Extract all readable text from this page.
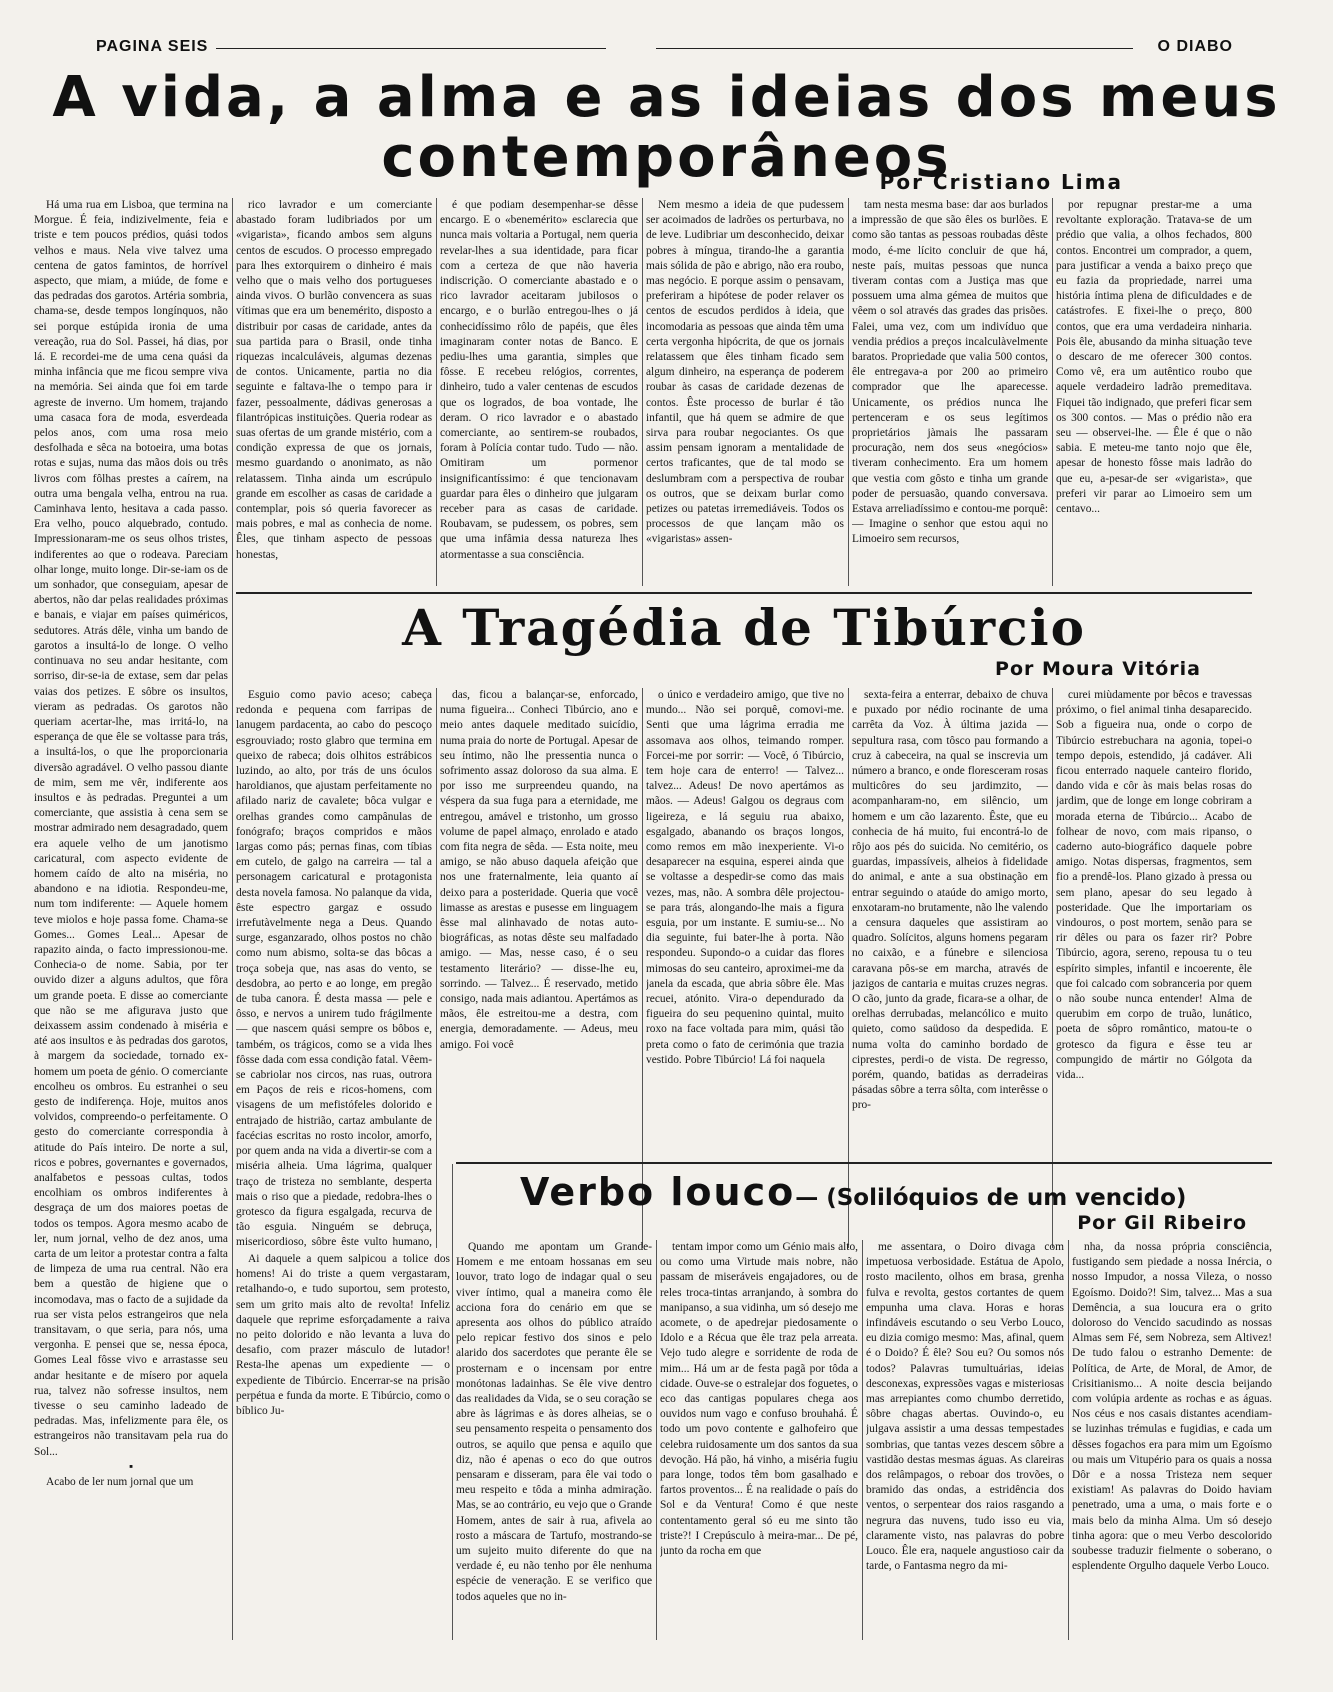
PAGINA SEIS	O DIABO
A vida, a alma e as ideias dos meus contemporâneos
Por Cristiano Lima

Há uma rua em Lisboa, que termina na Morgue. É feia, indizivelmente, feia e triste e tem poucos prédios, quási todos velhos e maus. Nela vive talvez uma centena de gatos famintos, de horrível aspecto, que miam, a miúde, de fome e das pedradas dos garotos. Artéria sombria, chama-se, desde tempos longínquos, não sei porque estúpida ironia de uma vereação, rua do Sol. Passei, há dias, por lá. E recordei-me de uma cena quási da minha infância que me ficou sempre viva na memória. Sei ainda que foi em tarde agreste de inverno. Um homem, trajando uma casaca fora de moda, esverdeada pelos anos, com uma rosa meio desfolhada e sêca na botoeira, uma botas rotas e sujas, numa das mãos dois ou três livros com fôlhas prestes a caírem, na outra uma bengala velha, entrou na rua. Caminhava lento, hesitava a cada passo. Era velho, pouco alquebrado, contudo. Impressionaram-me os seus olhos tristes, indiferentes ao que o rodeava. Pareciam olhar longe, muito longe. Dir-se-iam os de um sonhador, que conseguiam, apesar de abertos, não dar pelas realidades próximas e banais, e viajar em países quiméricos, sedutores. Atrás dêle, vinha um bando de garotos a insultá-lo de longe. O velho continuava no seu andar hesitante, com sorriso, dir-se-ia de extase, sem dar pelas vaias dos petizes. E sôbre os insultos, vieram as pedradas. Os garotos não queriam acertar-lhe, mas irritá-lo, na esperança de que êle se voltasse para trás, a insultá-los, o que lhe proporcionaria diversão agradável. O velho passou diante de mim, sem me vêr, indiferente aos insultos e às pedradas. Preguntei a um comerciante, que assistia à cena sem se mostrar admirado nem desagradado, quem era aquele velho de um janotismo caricatural, com aspecto evidente de homem caído de alto na miséria, no abandono e na idiotia. Respondeu-me, num tom indiferente: — Aquele homem teve miolos e hoje passa fome. Chama-se Gomes... Gomes Leal... Apesar de rapazito ainda, o facto impressionou-me. Conhecia-o de nome. Sabia, por ter ouvido dizer a alguns adultos, que fôra um grande poeta. E disse ao comerciante que não se me afigurava justo que deixassem assim condenado à miséria e até aos insultos e às pedradas dos garotos, à margem da sociedade, tornado ex-homem um poeta de génio. O comerciante encolheu os ombros. Eu estranhei o seu gesto de indiferença. Hoje, muitos anos volvidos, compreendo-o perfeitamente. O gesto do comerciante correspondia à atitude do País inteiro. De norte a sul, ricos e pobres, governantes e governados, analfabetos e pessoas cultas, todos encolhiam os ombros indiferentes à desgraça de um dos maiores poetas de todos os tempos. Agora mesmo acabo de ler, num jornal, velho de dez anos, uma carta de um leitor a protestar contra a falta de limpeza de uma rua central. Não era bem a questão de higiene que o incomodava, mas o facto de a sujidade da rua ser vista pelos estrangeiros que nela transitavam, o que seria, para nós, uma vergonha. E pensei que se, nessa época, Gomes Leal fôsse vivo e arrastasse seu andar hesitante e de mísero por aquela rua, talvez não sofresse insultos, nem tivesse o seu caminho ladeado de pedradas. Mas, infelizmente para êle, os estrangeiros não transitavam pela rua do Sol...

▪

Acabo de ler num jornal que um

rico lavrador e um comerciante abastado foram ludibriados por um «vigarista», ficando ambos sem alguns centos de escudos. O processo empregado para lhes extorquirem o dinheiro é mais velho que o mais velho dos portugueses ainda vivos. O burlão convencera as suas vítimas que era um benemérito, disposto a distribuir por casas de caridade, antes da sua partida para o Brasil, onde tinha riquezas incalculáveis, algumas dezenas de contos. Unicamente, partia no dia seguinte e faltava-lhe o tempo para ir fazer, pessoalmente, dádivas generosas a filantrópicas instituições. Queria rodear as suas ofertas de um grande mistério, com a condição expressa de que os jornais, mesmo guardando o anonimato, as não relatassem. Tinha ainda um escrúpulo grande em escolher as casas de caridade a contemplar, pois só queria favorecer as mais pobres, e mal as conhecia de nome. Êles, que tinham aspecto de pessoas honestas,

é que podiam desempenhar-se dêsse encargo. E o «benemérito» esclarecia que nunca mais voltaria a Portugal, nem queria revelar-lhes a sua identidade, para ficar com a certeza de que não haveria indiscrição. O comerciante abastado e o rico lavrador aceitaram jubilosos o encargo, e o burlão entregou-lhes o já conhecidíssimo rôlo de papéis, que êles imaginaram conter notas de Banco. E pediu-lhes uma garantia, simples que fôsse. E recebeu relógios, correntes, dinheiro, tudo a valer centenas de escudos que os logrados, de boa vontade, lhe deram. O rico lavrador e o abastado comerciante, ao sentirem-se roubados, foram à Polícia contar tudo. Tudo — não. Omitiram um pormenor insignificantíssimo: é que tencionavam guardar para êles o dinheiro que julgaram receber para as casas de caridade. Roubavam, se pudessem, os pobres, sem que uma infâmia dessa natureza lhes atormentasse a sua consciência.

Nem mesmo a ideia de que pudessem ser acoimados de ladrões os perturbava, no de leve. Ludibriar um desconhecido, deixar pobres à míngua, tirando-lhe a garantia mais sólida de pão e abrigo, não era roubo, mas negócio. E porque assim o pensavam, preferiram a hipótese de poder relaver os centos de escudos perdidos à ideia, que incomodaria as pessoas que ainda têm uma certa vergonha hipócrita, de que os jornais relatassem que êles tinham ficado sem algum dinheiro, na esperança de poderem roubar às casas de caridade dezenas de contos. Êste processo de burlar é tão infantil, que há quem se admire de que sirva para roubar negociantes. Os que assim pensam ignoram a mentalidade de certos traficantes, que de tal modo se deslumbram com a perspectiva de roubar os outros, que se deixam burlar como petizes ou patetas irremediáveis. Todos os processos de que lançam mão os «vigaristas» assen-

tam nesta mesma base: dar aos burlados a impressão de que são êles os burlões. E como são tantas as pessoas roubadas dêste modo, é-me lícito concluir de que há, neste país, muitas pessoas que nunca tiveram contas com a Justiça mas que possuem uma alma gémea de muitos que vêem o sol através das grades das prisões. Falei, uma vez, com um indivíduo que vendia prédios a preços incalculàvelmente baratos. Propriedade que valia 500 contos, êle entregava-a por 200 ao primeiro comprador que lhe aparecesse. Unicamente, os prédios nunca lhe pertenceram e os seus legítimos proprietários jàmais lhe passaram procuração, nem dos seus «negócios» tiveram conhecimento. Era um homem que vestia com gôsto e tinha um grande poder de persuasão, quando conversava. Estava arreliadíssimo e contou-me porquê: — Imagine o senhor que estou aqui no Limoeiro sem recursos,

por repugnar prestar-me a uma revoltante exploração. Tratava-se de um prédio que valia, a olhos fechados, 800 contos. Encontrei um comprador, a quem, para justificar a venda a baixo preço que eu fazia da propriedade, narrei uma história íntima plena de dificuldades e de catástrofes. E fixei-lhe o preço, 800 contos, que era uma verdadeira ninharia. Pois êle, abusando da minha situação teve o descaro de me oferecer 300 contos. Como vê, era um autêntico roubo que aquele verdadeiro ladrão premeditava. Fiquei tão indignado, que preferi ficar sem os 300 contos. — Mas o prédio não era seu — observei-lhe. — Êle é que o não sabia. E meteu-me tanto nojo que êle, apesar de honesto fôsse mais ladrão do que eu, a-pesar-de ser «vigarista», que preferi vir parar ao Limoeiro sem um centavo...

A Tragédia de Tibúrcio
Por Moura Vitória

Esguio como pavio aceso; cabeça redonda e pequena com farripas de lanugem pardacenta, ao cabo do pescoço esgrouviado; rosto glabro que termina em queixo de rabeca; dois olhitos estrábicos luzindo, ao alto, por trás de uns óculos haroldianos, que ajustam perfeitamente no afilado nariz de cavalete; bôca vulgar e orelhas grandes como campânulas de fonógrafo; braços compridos e mãos largas como pás; pernas finas, com tíbias em cutelo, de galgo na carreira — tal a personagem caricatural e protagonista desta novela famosa. No palanque da vida, êste espectro gargaz e ossudo irrefutàvelmente nega a Deus. Quando surge, esganzarado, olhos postos no chão como num abismo, solta-se das bôcas a troça sobeja que, nas asas do vento, se desdobra, ao perto e ao longe, em pregão de tuba canora. É desta massa — pele e ôsso, e nervos a unirem tudo frágilmente — que nascem quási sempre os bôbos e, também, os trágicos, como se a vida lhes fôsse dada com essa condição fatal. Vêem-se cabriolar nos circos, nas ruas, outrora em Paços de reis e ricos-homens, com visagens de um mefistófeles dolorido e entrajado de histrião, cartaz ambulante de facécias escritas no rosto incolor, amorfo, por quem anda na vida a divertir-se com a miséria alheia. Uma lágrima, qualquer traço de tristeza no semblante, desperta mais o riso que a piedade, redobra-lhes o grotesco da figura esgalgada, recurva de tão esguia. Ninguém se debruça, misericordioso, sôbre êste vulto humano,

das, ficou a balançar-se, enforcado, numa figueira... Conheci Tibúrcio, ano e meio antes daquele meditado suicídio, numa praia do norte de Portugal. Apesar de seu íntimo, não lhe pressentia nunca o sofrimento assaz doloroso da sua alma. E por isso me surpreendeu quando, na véspera da sua fuga para a eternidade, me entregou, amável e tristonho, um grosso volume de papel almaço, enrolado e atado com fita negra de sêda. — Esta noite, meu amigo, se não abuso daquela afeição que nos une fraternalmente, leia quanto aí deixo para a posteridade. Queria que você limasse as arestas e pusesse em linguagem êsse mal alinhavado de notas auto-biográficas, as notas dêste seu malfadado amigo. — Mas, nesse caso, é o seu testamento literário? — disse-lhe eu, sorrindo. — Talvez... É reservado, metido consigo, nada mais adiantou. Apertámos as mãos, êle estreitou-me a destra, com energia, demoradamente. — Adeus, meu amigo. Foi você

o único e verdadeiro amigo, que tive no mundo... Não sei porquê, comovi-me. Senti que uma lágrima erradia me assomava aos olhos, teimando romper. Forcei-me por sorrir: — Você, ó Tibúrcio, tem hoje cara de enterro! — Talvez... talvez... Adeus! De novo apertámos as mãos. — Adeus! Galgou os degraus com ligeireza, e lá seguiu rua abaixo, esgalgado, abanando os braços longos, como remos em mão inexperiente. Vi-o desaparecer na esquina, esperei ainda que se voltasse a despedir-se como das mais vezes, mas, não. A sombra dêle projectou-se para trás, alongando-lhe mais a figura esguia, por um instante. E sumiu-se... No dia seguinte, fui bater-lhe à porta. Não respondeu. Supondo-o a cuidar das flores mimosas do seu canteiro, aproximei-me da janela da escada, que abria sôbre êle. Mas recuei, atónito. Vira-o dependurado da figueira do seu pequenino quintal, muito roxo na face voltada para mim, quási tão preta como o fato de cerimónia que trazia vestido. Pobre Tibúrcio! Lá foi naquela

sexta-feira a enterrar, debaixo de chuva e puxado por nédio rocinante de uma carrêta da Voz. À última jazida — sepultura rasa, com tôsco pau formando a cruz à cabeceira, na qual se inscrevia um número a branco, e onde floresceram rosas multicôres do seu jardimzito, — acompanharam-no, em silêncio, um homem e um cão lazarento. Êste, que eu conhecia de há muito, fui encontrá-lo de rôjo aos pés do suicida. No cemitério, os guardas, impassíveis, alheios à fidelidade do animal, e ante a sua obstinação em entrar seguindo o ataúde do amigo morto, enxotaram-no brutamente, não lhe valendo a censura daqueles que assistiram ao quadro. Solícitos, alguns homens pegaram no caixão, e a fúnebre e silenciosa caravana pôs-se em marcha, através de jazigos de cantaria e muitas cruzes negras. O cão, junto da grade, ficara-se a olhar, de orelhas derrubadas, melancólico e muito quieto, como saüdoso da despedida. E numa volta do caminho bordado de ciprestes, perdi-o de vista. De regresso, porém, quando, batidas as derradeiras pásadas sôbre a terra sôlta, com interêsse o pro-

curei miùdamente por bêcos e travessas próximo, o fiel animal tinha desaparecido. Sob a figueira nua, onde o corpo de Tibúrcio estrebuchara na agonia, topei-o tempo depois, estendido, já cadáver. Ali ficou enterrado naquele canteiro florido, dando vida e côr às mais belas rosas do jardim, que de longe em longe cobriram a morada eterna de Tibúrcio... Acabo de folhear de novo, com mais ripanso, o caderno auto-biográfico daquele pobre amigo. Notas dispersas, fragmentos, sem fio a prendê-los. Plano gizado à pressa ou sem plano, apesar do seu legado à posteridade. Que lhe importariam os vindouros, o post mortem, senão para se rir dêles ou para os fazer rir? Pobre Tibúrcio, agora, sereno, repousa tu o teu espírito simples, infantil e incoerente, êle que foi calcado com sobranceria por quem o não soube nunca entender! Alma de querubim em corpo de truão, lunático, poeta de sôpro romântico, matou-te o grotesco da figura e êsse teu ar compungido de mártir no Gólgota da vida...

Ai daquele a quem salpicou a tolice dos homens! Ai do triste a quem vergastaram, retalhando-o, e tudo suportou, sem protesto, sem um grito mais alto de revolta! Infeliz daquele que reprime esforçadamente a raiva no peito dolorido e não levanta a luva do desafio, com prazer másculo de lutador! Resta-lhe apenas um expediente — o expediente de Tibúrcio. Encerrar-se na prisão perpétua e funda da morte. E Tibúrcio, como o bíblico Ju-

Verbo louco— (Solilóquios de um vencido)
Por Gil Ribeiro

Quando me apontam um Grande-Homem e me entoam hossanas em seu louvor, trato logo de indagar qual o seu viver íntimo, qual a maneira como êle acciona fora do cenário em que se apresenta aos olhos do público atraído pelo repicar festivo dos sinos e pelo alarido dos sacerdotes que perante êle se prosternam e o incensam por entre monótonas ladainhas. Se êle vive dentro das realidades da Vida, se o seu coração se abre às lágrimas e às dores alheias, se o seu pensamento respeita o pensamento dos outros, se aquilo que pensa e aquilo que diz, não é apenas o eco do que outros pensaram e disseram, para êle vai todo o meu respeito e tôda a minha admiração. Mas, se ao contrário, eu vejo que o Grande Homem, antes de sair à rua, afivela ao rosto a máscara de Tartufo, mostrando-se um sujeito muito diferente do que na verdade é, eu não tenho por êle nenhuma espécie de veneração. E se verifico que todos aqueles que no in-

tentam impor como um Génio mais alto, ou como uma Virtude mais nobre, não passam de miseráveis engajadores, ou de reles troca-tintas arranjando, à sombra do manipanso, a sua vidinha, um só desejo me acomete, o de apedrejar piedosamente o Idolo e a Récua que êle traz pela arreata. Vejo tudo alegre e sorridente de roda de mim... Há um ar de festa pagã por tôda a cidade. Ouve-se o estralejar dos foguetes, o eco das cantigas populares chega aos ouvidos num vago e confuso brouhahá. É todo um povo contente e galhofeiro que celebra ruidosamente um dos santos da sua devoção. Há pão, há vinho, a miséria fugiu para longe, todos têm bom gasalhado e fartos proventos... É na realidade o país do Sol e da Ventura! Como é que neste contentamento geral só eu me sinto tão triste?! I Crepúsculo à meira-mar... De pé, junto da rocha em que

me assentara, o Doiro divaga com impetuosa verbosidade. Estátua de Apolo, rosto macilento, olhos em brasa, grenha fulva e revolta, gestos cortantes de quem empunha uma clava. Horas e horas infindáveis escutando o seu Verbo Louco, eu dizia comigo mesmo: Mas, afinal, quem é o Doido? É êle? Sou eu? Ou somos nós todos? Palavras tumultuárias, ideias desconexas, expressões vagas e misteriosas mas arrepiantes como chumbo derretido, sôbre chagas abertas. Ouvindo-o, eu julgava assistir a uma dessas tempestades sombrias, que tantas vezes descem sôbre a vastidão destas mesmas águas. As clareiras dos relâmpagos, o reboar dos trovões, o bramido das ondas, a estridência dos ventos, o serpentear dos raios rasgando a negrura das nuvens, tudo isso eu via, claramente visto, nas palavras do pobre Louco. Êle era, naquele angustioso cair da tarde, o Fantasma negro da mi-

nha, da nossa própria consciência, fustigando sem piedade a nossa Inércia, o nosso Impudor, a nossa Vileza, o nosso Egoísmo. Doido?! Sim, talvez... Mas a sua Demência, a sua loucura era o grito doloroso do Vencido sacudindo as nossas Almas sem Fé, sem Nobreza, sem Altivez! De tudo falou o estranho Demente: de Política, de Arte, de Moral, de Amor, de Crisitianismo... A noite descia beijando com volúpia ardente as rochas e as águas. Nos céus e nos casais distantes acendiam-se luzinhas trémulas e fugidias, e cada um dêsses fogachos era para mim um Egoísmo ou mais um Vitupério para os quais a nossa Dôr e a nossa Tristeza nem sequer existiam! As palavras do Doido haviam penetrado, uma a uma, o mais forte e o mais belo da minha Alma. Um só desejo tinha agora: que o meu Verbo descolorido soubesse traduzir fielmente o soberano, o esplendente Orgulho daquele Verbo Louco.
